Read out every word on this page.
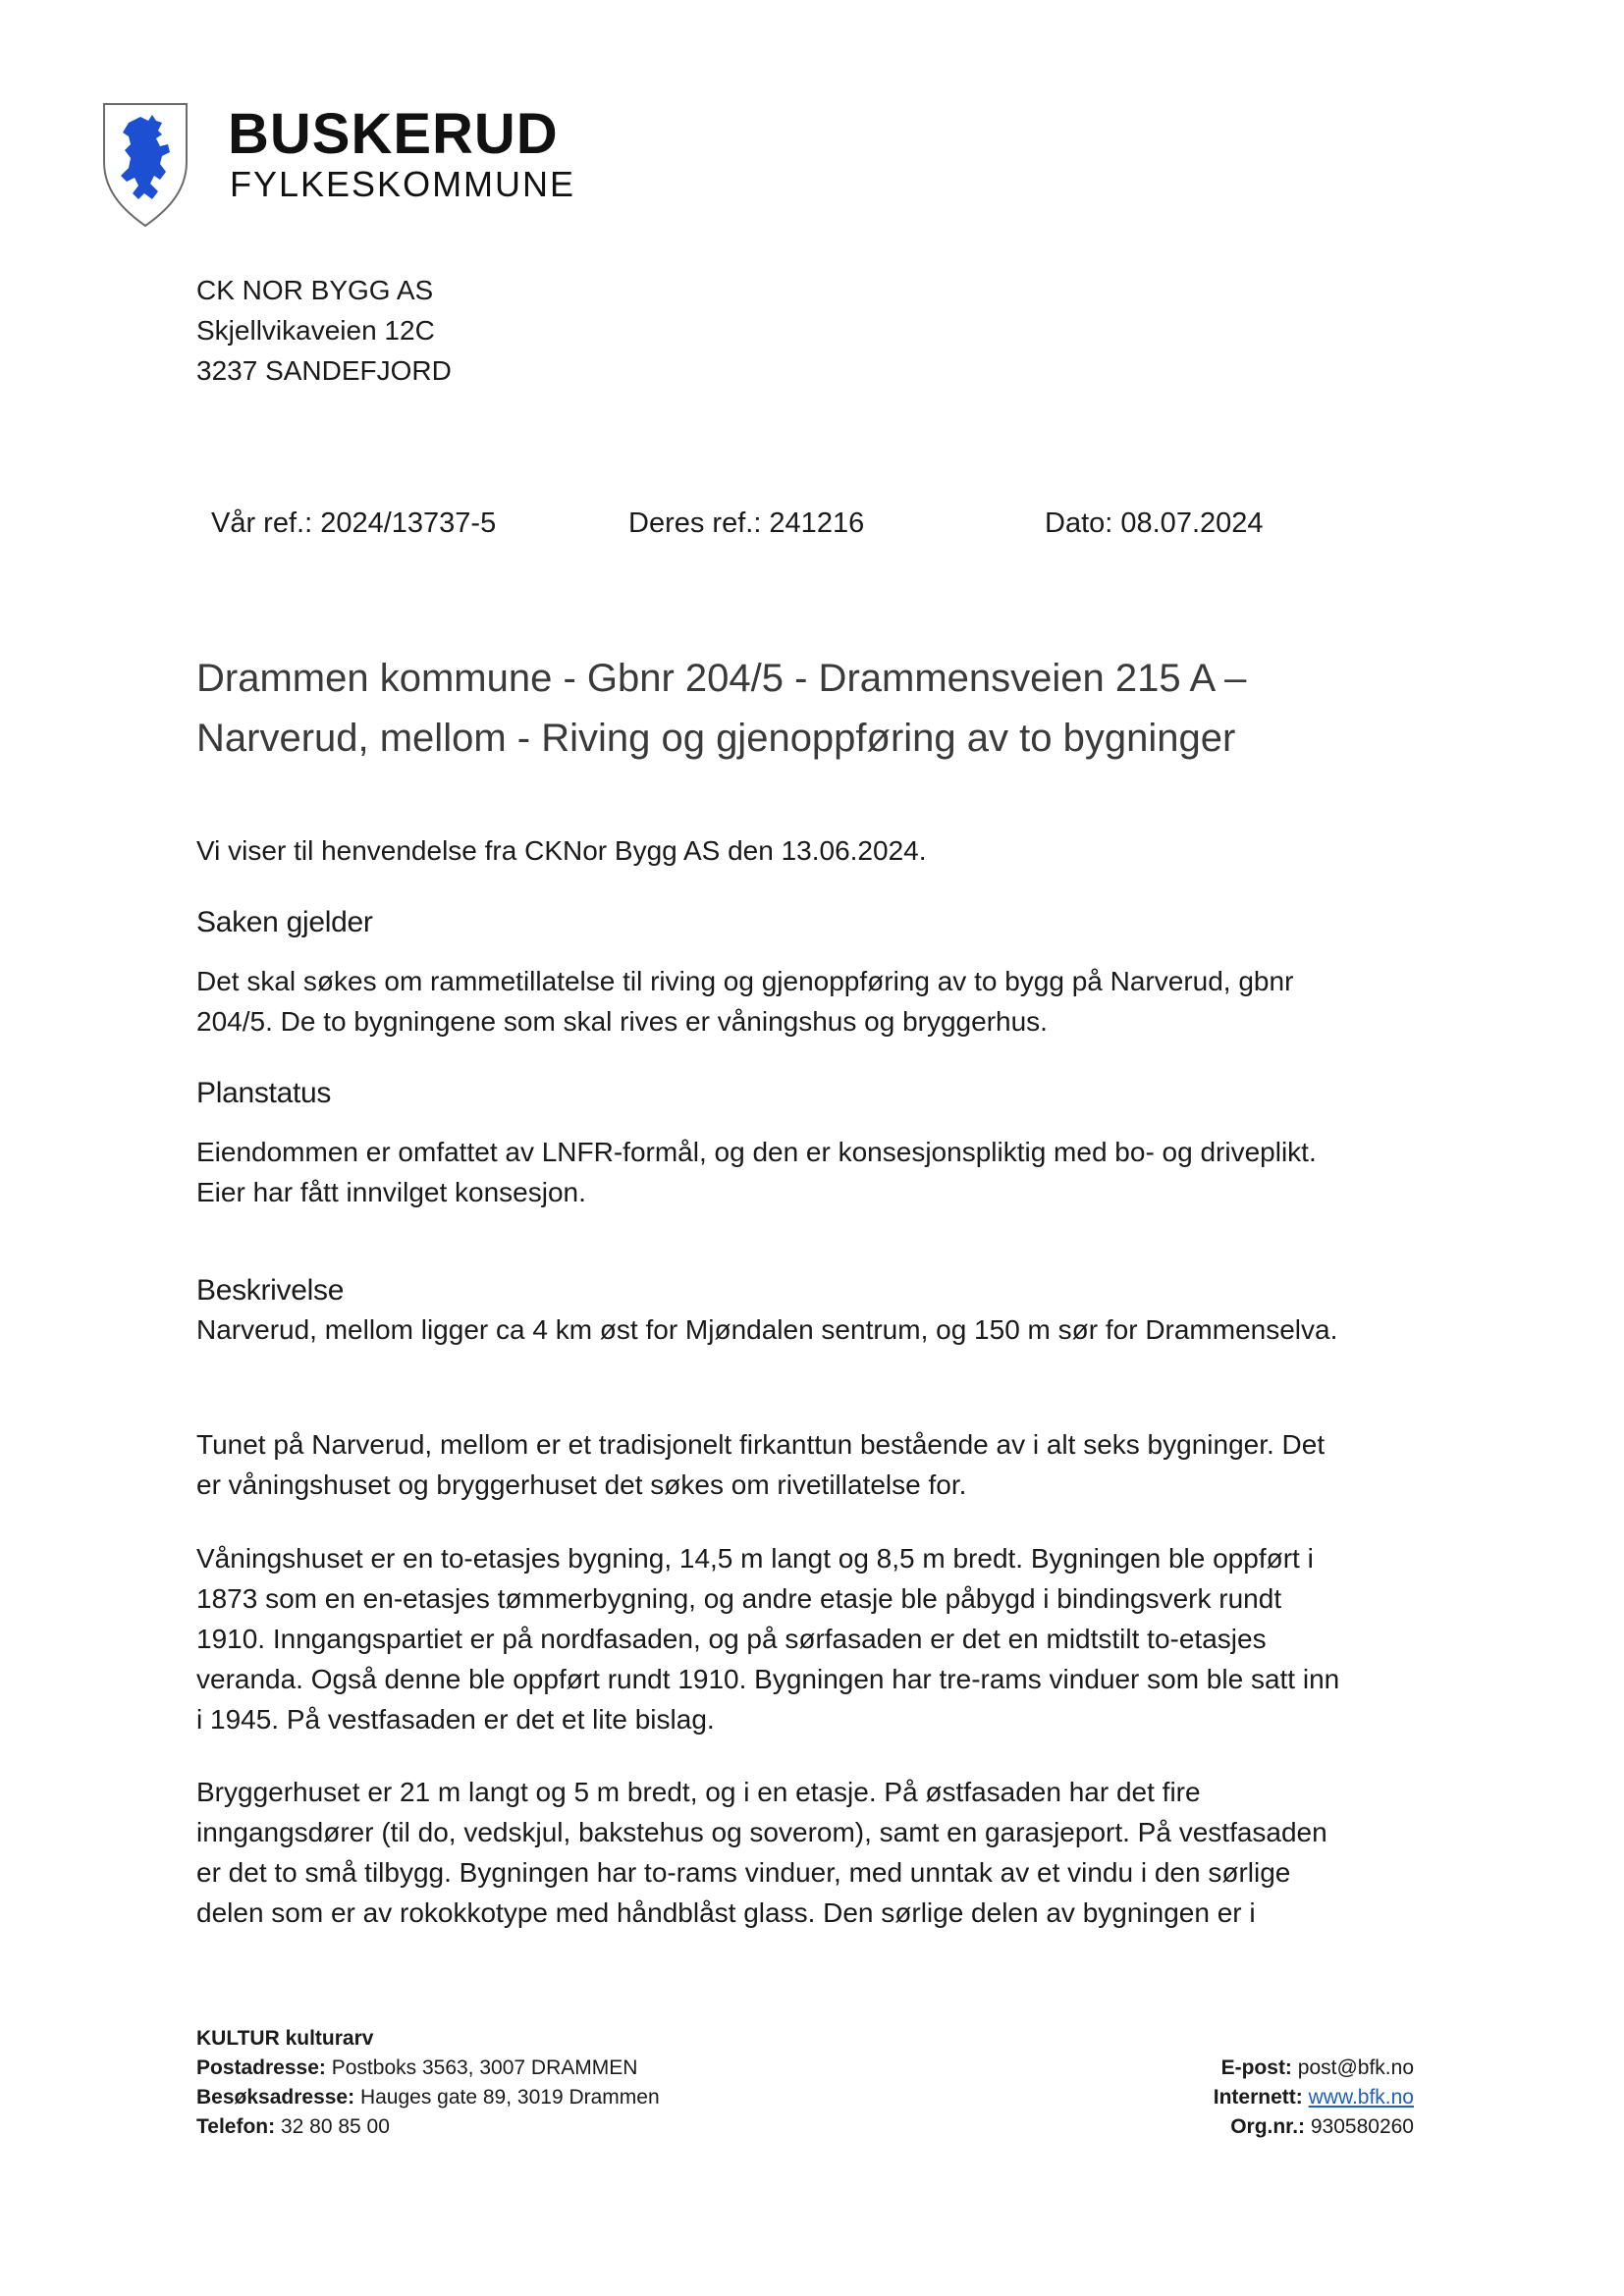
BUSKERUD
FYLKESKOMMUNE
CK NOR BYGG AS
Skjellvikaveien 12C
3237 SANDEFJORD
Vår ref.: 2024/13737-5	Deres ref.: 241216	Dato: 08.07.2024
Drammen kommune - Gbnr 204/5 - Drammensveien 215 A –
Narverud, mellom - Riving og gjenoppføring av to bygninger
Vi viser til henvendelse fra CKNor Bygg AS den 13.06.2024.
Saken gjelder
Det skal søkes om rammetillatelse til riving og gjenoppføring av to bygg på Narverud, gbnr
204/5. De to bygningene som skal rives er våningshus og bryggerhus.
Planstatus
Eiendommen er omfattet av LNFR-formål, og den er konsesjonspliktig med bo- og driveplikt.
Eier har fått innvilget konsesjon.
Beskrivelse
Narverud, mellom ligger ca 4 km øst for Mjøndalen sentrum, og 150 m sør for Drammenselva.
Tunet på Narverud, mellom er et tradisjonelt firkanttun bestående av i alt seks bygninger. Det
er våningshuset og bryggerhuset det søkes om rivetillatelse for.
Våningshuset er en to-etasjes bygning, 14,5 m langt og 8,5 m bredt. Bygningen ble oppført i
1873 som en en-etasjes tømmerbygning, og andre etasje ble påbygd i bindingsverk rundt
1910. Inngangspartiet er på nordfasaden, og på sørfasaden er det en midtstilt to-etasjes
veranda. Også denne ble oppført rundt 1910. Bygningen har tre-rams vinduer som ble satt inn
i 1945. På vestfasaden er det et lite bislag.
Bryggerhuset er 21 m langt og 5 m bredt, og i en etasje. På østfasaden har det fire
inngangsdører (til do, vedskjul, bakstehus og soverom), samt en garasjeport. På vestfasaden
er det to små tilbygg. Bygningen har to-rams vinduer, med unntak av et vindu i den sørlige
delen som er av rokokkotype med håndblåst glass. Den sørlige delen av bygningen er i
KULTUR kulturarv
Postadresse: Postboks 3563, 3007 DRAMMEN
Besøksadresse: Hauges gate 89, 3019 Drammen
Telefon: 32 80 85 00
E-post: post@bfk.no
Internett: www.bfk.no
Org.nr.: 930580260
